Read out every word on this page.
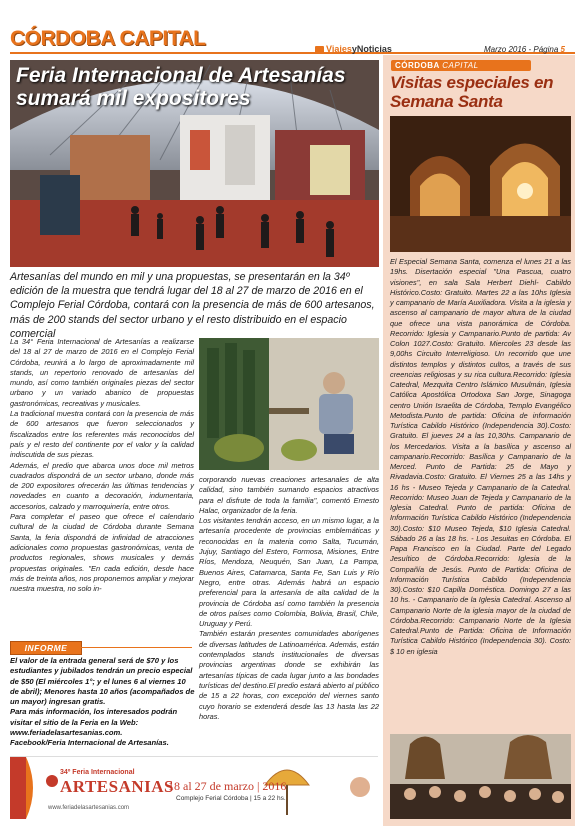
CÓRDOBA CAPITAL	ViajesyNoticias	Marzo 2016 - Página 5
Feria Internacional de Artesanías sumará mil expositores
Artesanías del mundo en mil y una propuestas, se presentarán en la 34º edición de la muestra que tendrá lugar del 18 al 27 de marzo de 2016 en el Complejo Ferial Córdoba, contará con la presencia de más de 600 artesanos, más de 200 stands del sector urbano y el resto distribuido en el espacio comercial

La 34° Feria Internacional de Artesanías a realizarse del 18 al 27 de marzo de 2016 en el Complejo Ferial Córdoba, reunirá a lo largo de aproximadamente mil stands, un repertorio renovado de artesanías del mundo, así como también originales piezas del sector urbano y un variado abanico de propuestas gastronómicas, recreativas y musicales.

La tradicional muestra contará con la presencia de más de 600 artesanos que fueron seleccionados y fiscalizados entre los referentes más reconocidos del país y el resto del continente por el valor y la calidad indiscutida de sus piezas.

Además, el predio que abarca unos doce mil metros cuadrados dispondrá de un sector urbano, donde más de 200 expositores ofrecerán las últimas tendencias y novedades en cuanto a decoración, indumentaria, accesorios, calzado y marroquinería, entre otros.

Para completar el paseo que ofrece el calendario cultural de la ciudad de Córdoba durante Semana Santa, la feria dispondrá de infinidad de atracciones adicionales como propuestas gastronómicas, venta de productos regionales, shows musicales y demás propuestas originales. "En cada edición, desde hace más de treinta años, nos proponemos ampliar y mejorar nuestra muestra, no solo in-

corporando nuevas creaciones artesanales de alta calidad, sino también sumando espacios atractivos para el disfrute de toda la familia", comentó Ernesto Halac, organizador de la feria.

Los visitantes tendrán acceso, en un mismo lugar, a la artesanía procedente de provincias emblemáticas y reconocidas en la materia como Salta, Tucumán, Jujuy, Santiago del Estero, Formosa, Misiones, Entre Ríos, Mendoza, Neuquén, San Juan, La Pampa, Buenos Aires, Catamarca, Santa Fe, San Luis y Río Negro, entre otras. Además habrá un espacio preferencial para la artesanía de alta calidad de la provincia de Córdoba así como también la presencia de otros países como Colombia, Bolivia, Brasil, Chile, Uruguay y Perú.

También estarán presentes comunidades aborígenes de diversas latitudes de Latinoamérica. Además, están contemplados stands institucionales de diversas provincias argentinas donde se exhibirán las artesanías típicas de cada lugar junto a las bondades turísticas del destino.El predio estará abierto al público de 15 a 22 horas, con excepción del viernes santo cuyo horario se extenderá desde las 13 hasta las 22 horas.

INFORME

El valor de la entrada general será de $70 y los estudiantes y jubilados tendrán un precio especial de $50 (El miércoles 1°; y el lunes 6 al viernes 10 de abril); Menores hasta 10 años (acompañados de un mayor) ingresan gratis.

Para más información, los interesados podrán visitar el sitio de la Feria en la Web:

www.feriadelasartesanias.com.

Facebook/Feria Internacional de Artesanías.

34º Feria Internacional
ARTESANIAS
www.feriadelasartesanias.com
18 al 27 de marzo | 2016
Complejo Ferial Córdoba | 15 a 22 hs.
CÓRDOBA CAPITAL
Visitas especiales en Semana Santa

El Especial Semana Santa, comenza el lunes 21 a las 19hs. Disertación especial "Una Pascua, cuatro visiones", en sala Sala Herbert Diehl- Cabildo Histórico.Costo: Gratuito. Martes 22 a las 10hs Iglesia y campanario de María Auxiliadora. Visita a la iglesia y ascenso al campanario de mayor altura de la ciudad que ofrece una vista panorámica de Córdoba. Recorrido: Iglesia y Campanario.Punto de partida: Av Colon 1027.Costo: Gratuito. Miercoles 23 desde las 9,00hs Circuito Interreligioso. Un recorrido que une distintos templos y distintos cultos, a través de sus creencias religiosas y su rica cultura.Recorrido: Iglesia Catedral, Mezquita Centro Islámico Musulmán, Iglesia Católica Apostólica Ortodoxa San Jorge, Sinagoga centro Unión Israelita de Córdoba, Templo Evangélico Metodista.Punto de partida: Oficina de información Turística Cabildo Histórico (Independencia 30).Costo: Gratuito. El jueves 24 a las 10,30hs. Campanario de los Mercedarios. Visita a la basílica y ascenso al campanario.Recorrido: Basílica y Campanario de la Merced. Punto de Partida: 25 de Mayo y Rivadavia.Costo: Gratuito. El Viernes 25 a las 14hs y 16 hs - Museo Tejeda y Campanario de la Catedral. Recorrido: Museo Juan de Tejeda y Campanario de la Iglesia Catedral. Punto de partida: Oficina de Información Turística Cabildo Histórico (Independencia 30).Costo: $10 Museo Tejeda, $10 Iglesia Catedral. Sábado 26 a las 18 hs. - Los Jesuitas en Córdoba. El Papa Francisco en la Ciudad. Parte del Legado Jesuítico de Córdoba.Recorrido: Iglesia de la Compañía de Jesús. Punto de Partida: Oficina de Información Turística Cabildo (Independencia 30).Costo: $10 Capilla Doméstica. Domingo 27 a las 10 hs. - Campanario de la Iglesia Catedral. Ascenso al Campanario Norte de la iglesia mayor de la ciudad de Córdoba.Recorrido: Campanario Norte de la Iglesia Catedral.Punto de Partida: Oficina de Información Turística Cabildo Histórico (Independencia 30). Costo: $ 10 en iglesia
